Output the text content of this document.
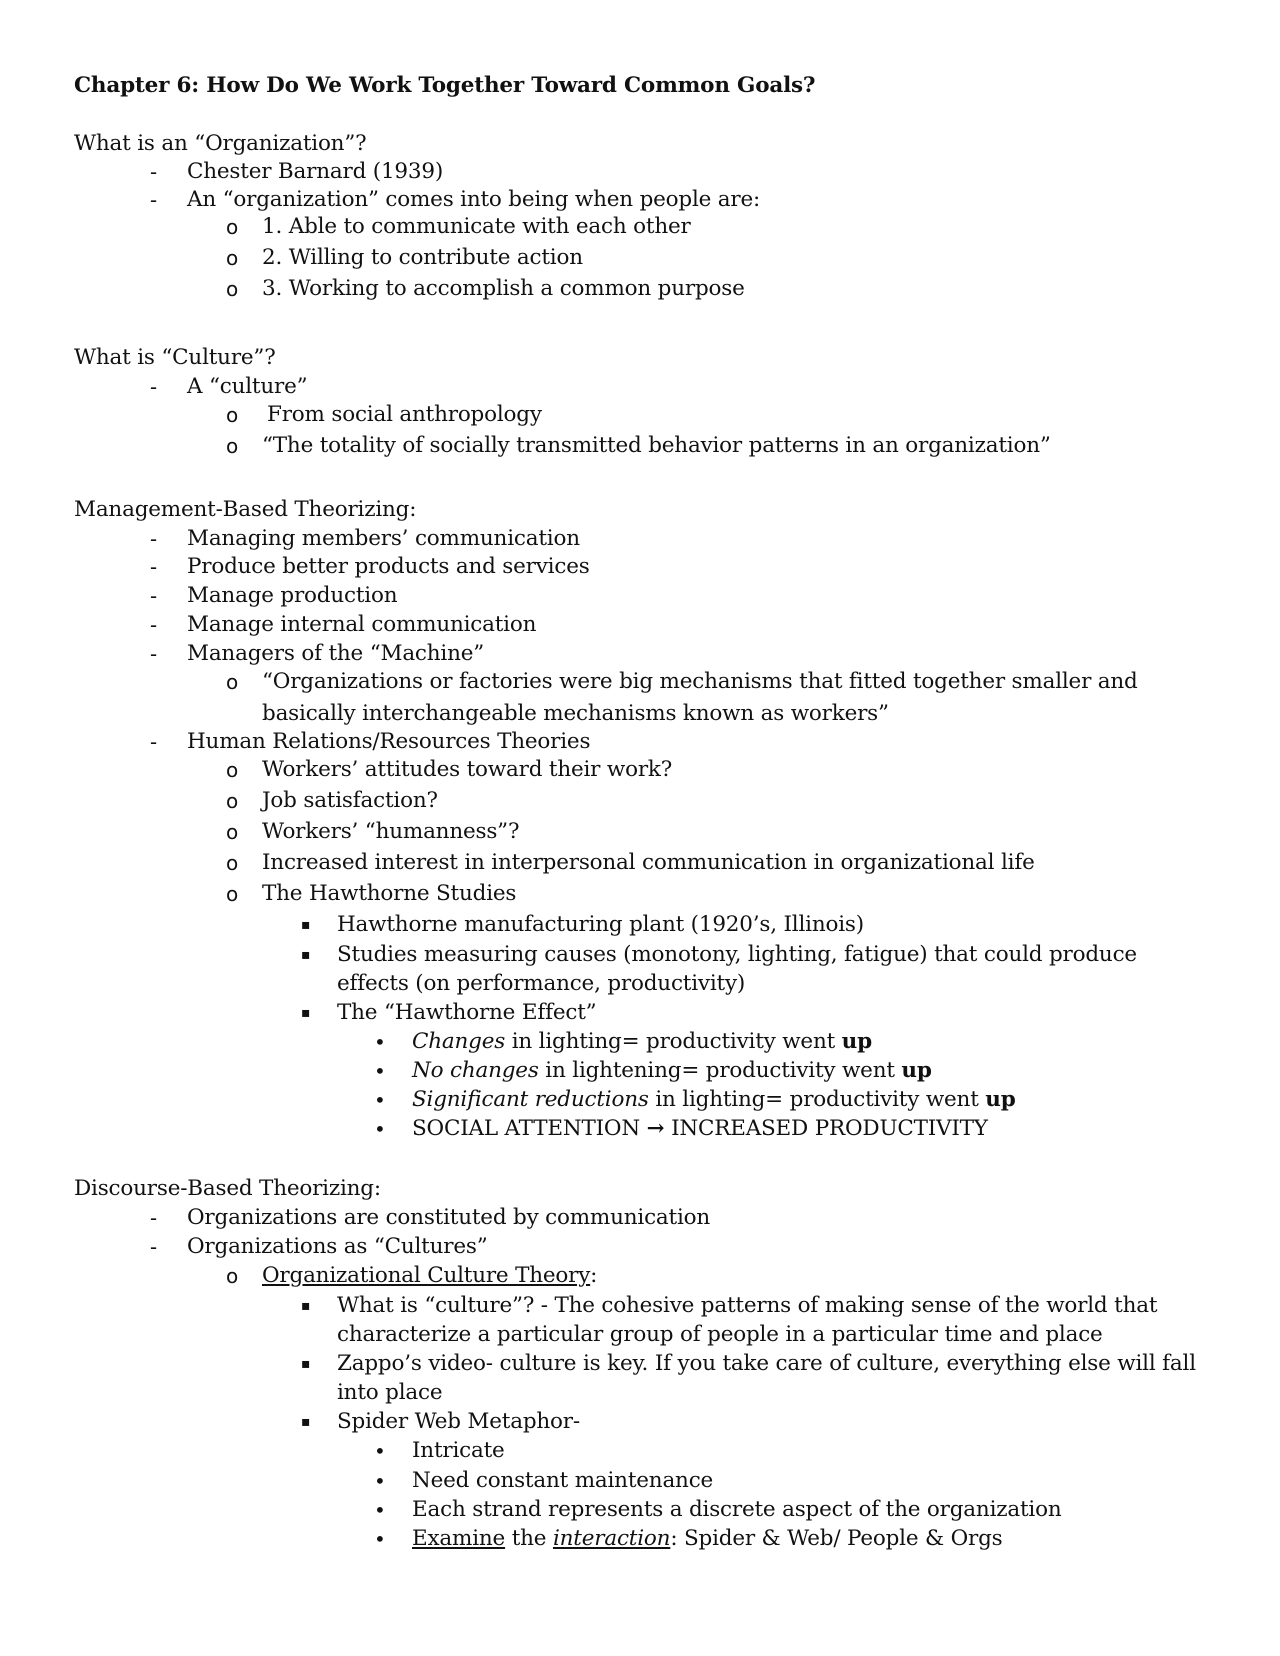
Chapter 6: How Do We Work Together Toward Common Goals?
What is an “Organization”?
- Chester Barnard (1939)
- An “organization” comes into being when people are:
o 1. Able to communicate with each other
o 2. Willing to contribute action
o 3. Working to accomplish a common purpose
What is “Culture”?
- A “culture”
o From social anthropology
o “The totality of socially transmitted behavior patterns in an organization”
Management-Based Theorizing:
- Managing members’ communication
- Produce better products and services
- Manage production
- Manage internal communication
- Managers of the “Machine”
o “Organizations or factories were big mechanisms that fitted together smaller and
basically interchangeable mechanisms known as workers”
- Human Relations/Resources Theories
o Workers’ attitudes toward their work?
o Job satisfaction?
o Workers’ “humanness”?
o Increased interest in interpersonal communication in organizational life
o The Hawthorne Studies
▪ Hawthorne manufacturing plant (1920’s, Illinois)
▪ Studies measuring causes (monotony, lighting, fatigue) that could produce
effects (on performance, productivity)
▪ The “Hawthorne Effect”
• Changes in lighting= productivity went up
• No changes in lightening= productivity went up
• Significant reductions in lighting= productivity went up
• SOCIAL ATTENTION → INCREASED PRODUCTIVITY
Discourse-Based Theorizing:
- Organizations are constituted by communication
- Organizations as “Cultures”
o Organizational Culture Theory:
▪ What is “culture”? - The cohesive patterns of making sense of the world that
characterize a particular group of people in a particular time and place
▪ Zappo’s video- culture is key. If you take care of culture, everything else will fall
into place
▪ Spider Web Metaphor-
• Intricate
• Need constant maintenance
• Each strand represents a discrete aspect of the organization
• Examine the interaction: Spider & Web/ People & Orgs
